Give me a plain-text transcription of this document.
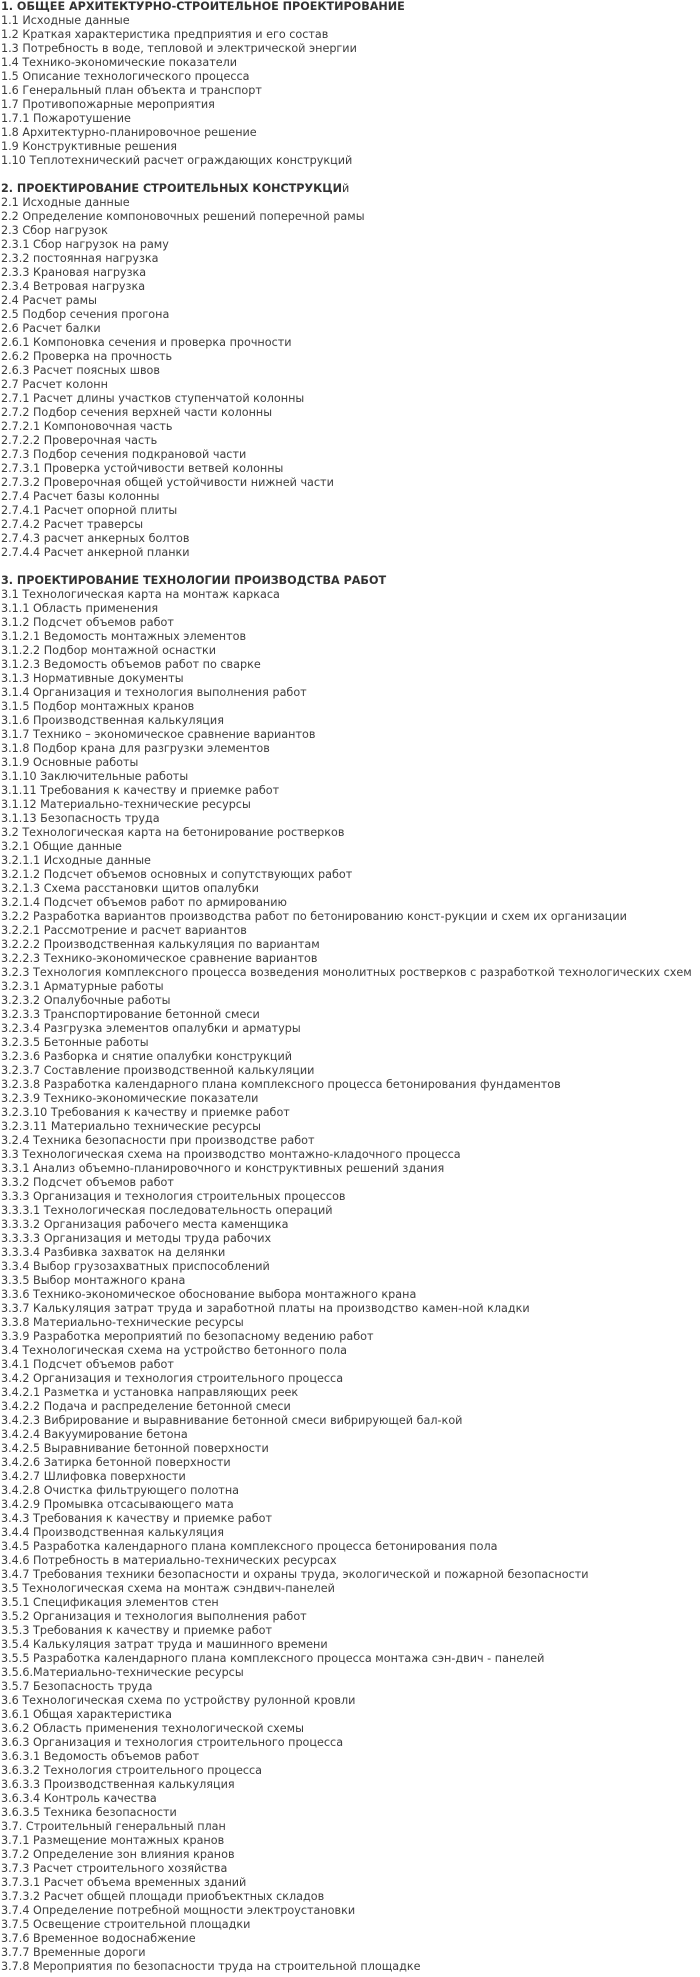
1. ОБЩЕЕ АРХИТЕКТУРНО-СТРОИТЕЛЬНОЕ ПРОЕКТИРОВАНИЕ
1.1 Исходные данные
1.2 Краткая характеристика предприятия и его состав
1.3 Потребность в воде, тепловой и электрической энергии
1.4 Технико-экономические показатели
1.5 Описание технологического процесса
1.6 Генеральный план объекта и транспорт
1.7 Противопожарные мероприятия
1.7.1 Пожаротушение
1.8 Архитектурно-планировочное решение
1.9 Конструктивные решения
1.10 Теплотехнический расчет ограждающих конструкций
2. ПРОЕКТИРОВАНИЕ СТРОИТЕЛЬНЫХ КОНСТРУКЦИй
2.1 Исходные данные
2.2 Определение компоновочных решений поперечной рамы
2.3 Сбор нагрузок
2.3.1 Сбор нагрузок на раму
2.3.2 постоянная нагрузка
2.3.3 Крановая нагрузка
2.3.4 Ветровая нагрузка
2.4 Расчет рамы
2.5 Подбор сечения прогона
2.6 Расчет балки
2.6.1 Компоновка сечения и проверка прочности
2.6.2 Проверка на прочность
2.6.3 Расчет поясных швов
2.7 Расчет колонн
2.7.1 Расчет длины участков ступенчатой колонны
2.7.2 Подбор сечения верхней части колонны
2.7.2.1 Компоновочная часть
2.7.2.2 Проверочная часть
2.7.3 Подбор сечения подкрановой части
2.7.3.1 Проверка устойчивости ветвей колонны
2.7.3.2 Проверочная общей устойчивости нижней части
2.7.4 Расчет базы колонны
2.7.4.1 Расчет опорной плиты
2.7.4.2 Расчет траверсы
2.7.4.3 расчет анкерных болтов
2.7.4.4 Расчет анкерной планки
3. ПРОЕКТИРОВАНИЕ ТЕХНОЛОГИИ ПРОИЗВОДСТВА РАБОТ
3.1 Технологическая карта на монтаж каркаса
3.1.1 Область применения
3.1.2 Подсчет объемов работ
3.1.2.1 Ведомость монтажных элементов
3.1.2.2 Подбор монтажной оснастки
3.1.2.3 Ведомость объемов работ по сварке
3.1.3 Нормативные документы
3.1.4 Организация и технология выполнения работ
3.1.5 Подбор монтажных кранов
3.1.6 Производственная калькуляция
3.1.7 Технико – экономическое сравнение вариантов
3.1.8 Подбор крана для разгрузки элементов
3.1.9 Основные работы
3.1.10 Заключительные работы
3.1.11 Требования к качеству и приемке работ
3.1.12 Материально-технические ресурсы
3.1.13 Безопасность труда
3.2 Технологическая карта на бетонирование ростверков
3.2.1 Общие данные
3.2.1.1 Исходные данные
3.2.1.2 Подсчет объемов основных и сопутствующих работ
3.2.1.3 Схема расстановки щитов опалубки
3.2.1.4 Подсчет объемов работ по армированию
3.2.2 Разработка вариантов производства работ по бетонированию конст-рукции и схем их организации
3.2.2.1 Рассмотрение и расчет вариантов
3.2.2.2 Производственная калькуляция по вариантам
3.2.2.3 Технико-экономическое сравнение вариантов
3.2.3 Технология комплексного процесса возведения монолитных ростверков с разработкой технологических схем
3.2.3.1 Арматурные работы
3.2.3.2 Опалубочные работы
3.2.3.3 Транспортирование бетонной смеси
3.2.3.4 Разгрузка элементов опалубки и арматуры
3.2.3.5 Бетонные работы
3.2.3.6 Разборка и снятие опалубки конструкций
3.2.3.7 Составление производственной калькуляции
3.2.3.8 Разработка календарного плана комплексного процесса бетонирования фундаментов
3.2.3.9 Технико-экономические показатели
3.2.3.10 Требования к качеству и приемке работ
3.2.3.11 Материально технические ресурсы
3.2.4 Техника безопасности при производстве работ
3.3 Технологическая схема на производство монтажно-кладочного процесса
3.3.1 Анализ объемно-планировочного и конструктивных решений здания
3.3.2 Подсчет объемов работ
3.3.3 Организация и технология строительных процессов
3.3.3.1 Технологическая последовательность операций
3.3.3.2 Организация рабочего места каменщика
3.3.3.3 Организация и методы труда рабочих
3.3.3.4 Разбивка захваток на делянки
3.3.4 Выбор грузозахватных приспособлений
3.3.5 Выбор монтажного крана
3.3.6 Технико-экономическое обоснование выбора монтажного крана
3.3.7 Калькуляция затрат труда и заработной платы на производство камен-ной кладки
3.3.8 Материально-технические ресурсы
3.3.9 Разработка мероприятий по безопасному ведению работ
3.4 Технологическая схема на устройство бетонного пола
3.4.1 Подсчет объемов работ
3.4.2 Организация и технология строительного процесса
3.4.2.1 Разметка и установка направляющих реек
3.4.2.2 Подача и распределение бетонной смеси
3.4.2.3 Вибрирование и выравнивание бетонной смеси вибрирующей бал-кой
3.4.2.4 Вакуумирование бетона
3.4.2.5 Выравнивание бетонной поверхности
3.4.2.6 Затирка бетонной поверхности
3.4.2.7 Шлифовка поверхности
3.4.2.8 Очистка фильтрующего полотна
3.4.2.9 Промывка отсасывающего мата
3.4.3 Требования к качеству и приемке работ
3.4.4 Производственная калькуляция
3.4.5 Разработка календарного плана комплексного процесса бетонирования пола
3.4.6 Потребность в материально-технических ресурсах
3.4.7 Требования техники безопасности и охраны труда, экологической и пожарной безопасности
3.5 Технологическая схема на монтаж сэндвич-панелей
3.5.1 Спецификация элементов стен
3.5.2 Организация и технология выполнения работ
3.5.3 Требования к качеству и приемке работ
3.5.4 Калькуляция затрат труда и машинного времени
3.5.5 Разработка календарного плана комплексного процесса монтажа сэн-двич - панелей
3.5.6.Материально-технические ресурсы
3.5.7 Безопасность труда
3.6 Технологическая схема по устройству рулонной кровли
3.6.1 Общая характеристика
3.6.2 Область применения технологической схемы
3.6.3 Организация и технология строительного процесса
3.6.3.1 Ведомость объемов работ
3.6.3.2 Технология строительного процесса
3.6.3.3 Производственная калькуляция
3.6.3.4 Контроль качества
3.6.3.5 Техника безопасности
3.7. Строительный генеральный план
3.7.1 Размещение монтажных кранов
3.7.2 Определение зон влияния кранов
3.7.3 Расчет строительного хозяйства
3.7.3.1 Расчет объема временных зданий
3.7.3.2 Расчет общей площади приобъектных складов
3.7.4 Определение потребной мощности электроустановки
3.7.5 Освещение строительной площадки
3.7.6 Временное водоснабжение
3.7.7 Временные дороги
3.7.8 Мероприятия по безопасности труда на строительной площадке
